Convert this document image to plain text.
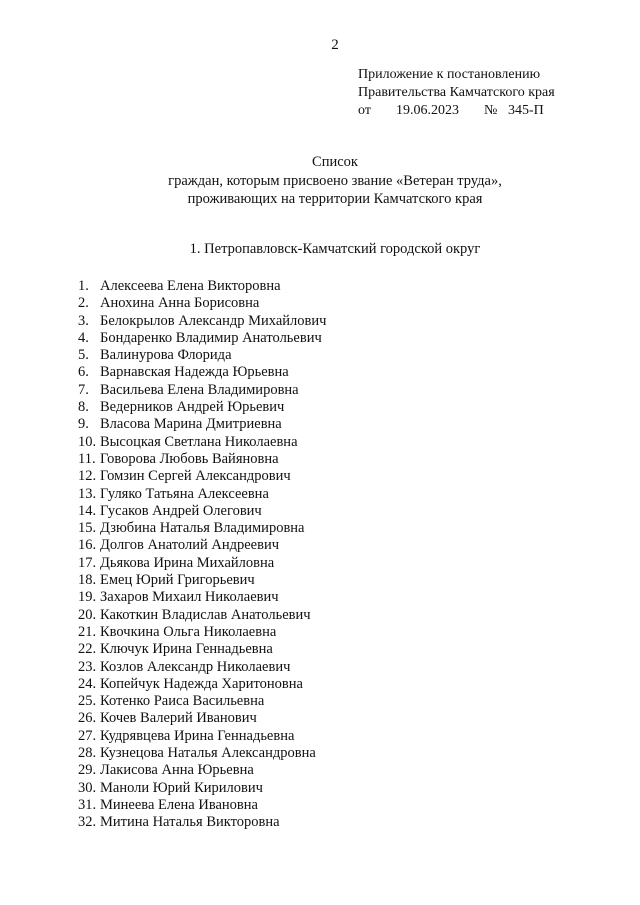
2
Приложение к постановлению
Правительства Камчатского края
от 19.06.2023 № 345-П
Список
граждан, которым присвоено звание «Ветеран труда»,
проживающих на территории Камчатского края
1. Петропавловск-Камчатский городской округ
1. Алексеева Елена Викторовна
2. Анохина Анна Борисовна
3. Белокрылов Александр Михайлович
4. Бондаренко Владимир Анатольевич
5. Валинурова Флорида
6. Варнавская Надежда Юрьевна
7. Васильева Елена Владимировна
8. Ведерников Андрей Юрьевич
9. Власова Марина Дмитриевна
10. Высоцкая Светлана Николаевна
11. Говорова Любовь Вайяновна
12. Гомзин Сергей Александрович
13. Гуляко Татьяна Алексеевна
14. Гусаков Андрей Олегович
15. Дзюбина Наталья Владимировна
16. Долгов Анатолий Андреевич
17. Дьякова Ирина Михайловна
18. Емец Юрий Григорьевич
19. Захаров Михаил Николаевич
20. Какоткин Владислав Анатольевич
21. Квочкина Ольга Николаевна
22. Ключук Ирина Геннадьевна
23. Козлов Александр Николаевич
24. Копейчук Надежда Харитоновна
25. Котенко Раиса Васильевна
26. Кочев Валерий Иванович
27. Кудрявцева Ирина Геннадьевна
28. Кузнецова Наталья Александровна
29. Лакисова Анна Юрьевна
30. Маноли Юрий Кирилович
31. Минеева Елена Ивановна
32. Митина Наталья Викторовна
